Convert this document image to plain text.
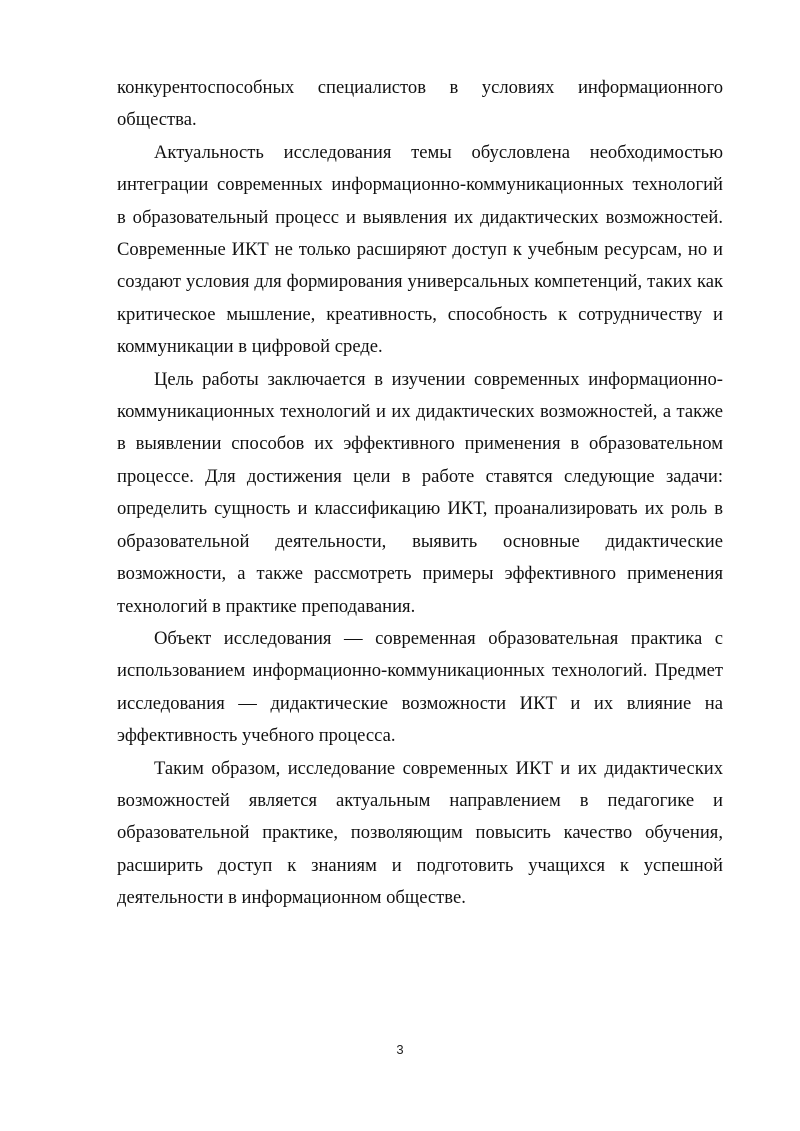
конкурентоспособных специалистов в условиях информационного общества.

Актуальность исследования темы обусловлена необходимостью интеграции современных информационно-коммуникационных технологий в образовательный процесс и выявления их дидактических возможностей. Современные ИКТ не только расширяют доступ к учебным ресурсам, но и создают условия для формирования универсальных компетенций, таких как критическое мышление, креативность, способность к сотрудничеству и коммуникации в цифровой среде.

Цель работы заключается в изучении современных информационно-коммуникационных технологий и их дидактических возможностей, а также в выявлении способов их эффективного применения в образовательном процессе. Для достижения цели в работе ставятся следующие задачи: определить сущность и классификацию ИКТ, проанализировать их роль в образовательной деятельности, выявить основные дидактические возможности, а также рассмотреть примеры эффективного применения технологий в практике преподавания.

Объект исследования — современная образовательная практика с использованием информационно-коммуникационных технологий. Предмет исследования — дидактические возможности ИКТ и их влияние на эффективность учебного процесса.

Таким образом, исследование современных ИКТ и их дидактических возможностей является актуальным направлением в педагогике и образовательной практике, позволяющим повысить качество обучения, расширить доступ к знаниям и подготовить учащихся к успешной деятельности в информационном обществе.

3
